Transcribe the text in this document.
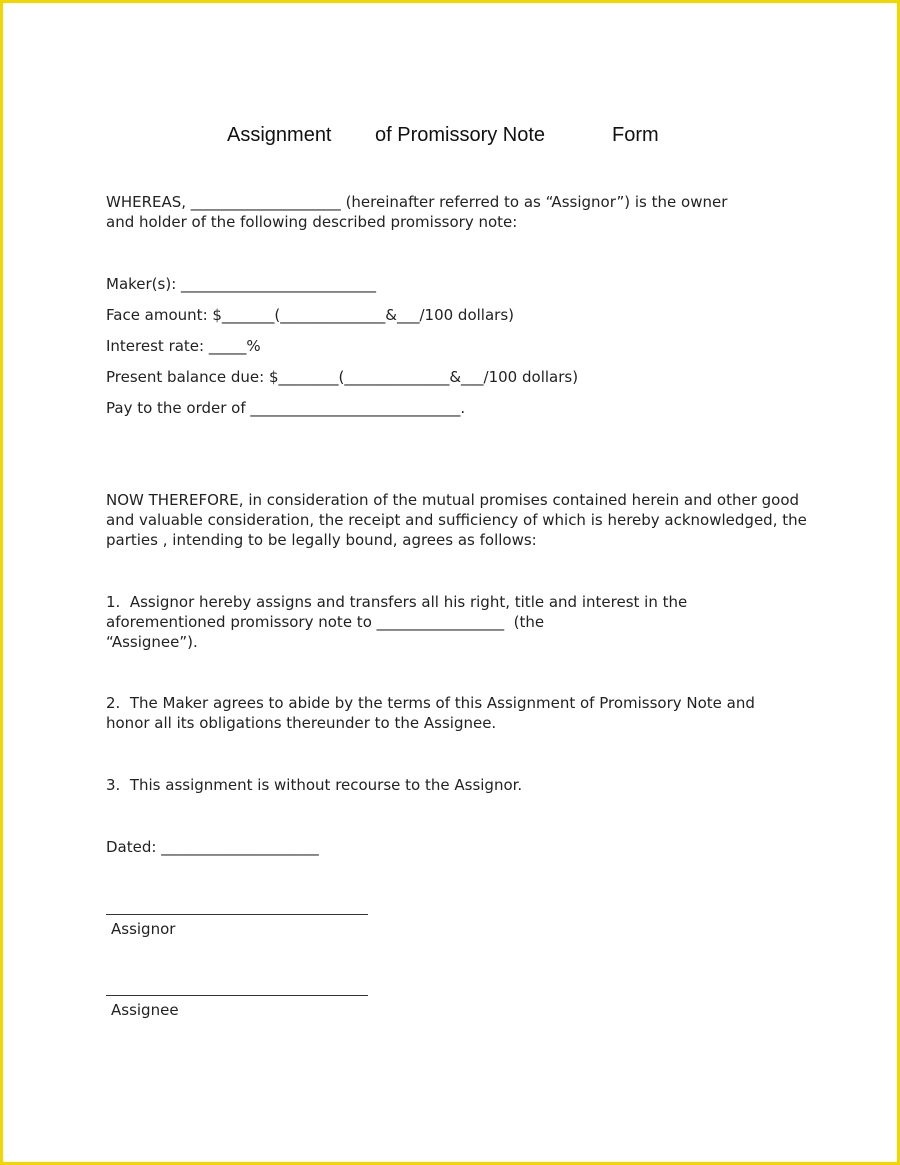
Assignment of Promissory Note	Form
WHEREAS, ____________________ (hereinafter referred to as “Assignor”) is the owner
and holder of the following described promissory note:
Maker(s): __________________________
Face amount: $_______(______________&___/100 dollars)
Interest rate: _____%
Present balance due: $________(______________&___/100 dollars)
Pay to the order of ____________________________.
NOW THEREFORE, in consideration of the mutual promises contained herein and other good
and valuable consideration, the receipt and sufficiency of which is hereby acknowledged, the
parties , intending to be legally bound, agrees as follows:
1.  Assignor hereby assigns and transfers all his right, title and interest in the
aforementioned promissory note to _________________  (the
“Assignee”).
2.  The Maker agrees to abide by the terms of this Assignment of Promissory Note and
honor all its obligations thereunder to the Assignee.
3.  This assignment is without recourse to the Assignor.
Dated: _____________________
Assignor
Assignee
